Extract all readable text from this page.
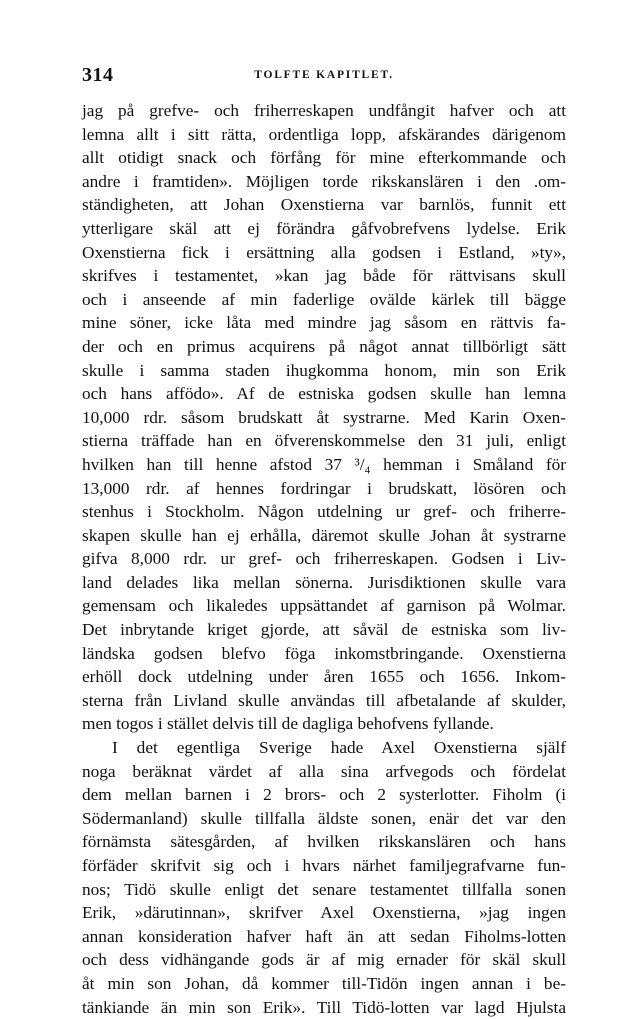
314	TOLFTE KAPITLET.
jag på grefve- och friherreskapen undfångit hafver och att
lemna allt i sitt rätta, ordentliga lopp, afskärandes därigenom
allt otidigt snack och förfång för mine efterkommande och
andre i framtiden». Möjligen torde rikskanslären i den .om-
ständigheten, att Johan Oxenstierna var barnlös, funnit ett
ytterligare skäl att ej förändra gåfvobrefvens lydelse. Erik
Oxenstierna fick i ersättning alla godsen i Estland, »ty»,
skrifves i testamentet, »kan jag både för rättvisans skull
och i anseende af min faderlige ovälde kärlek till bägge
mine söner, icke låta med mindre jag såsom en rättvis fa-
der och en primus acquirens på något annat tillbörligt sätt
skulle i samma staden ihugkomma honom, min son Erik
och hans affödo». Af de estniska godsen skulle han lemna
10,000 rdr. såsom brudskatt åt systrarne. Med Karin Oxen-
stierna träffade han en öfverenskommelse den 31 juli, enligt
hvilken han till henne afstod 37 ³/₄ hemman i Småland för
13,000 rdr. af hennes fordringar i brudskatt, lösören och
stenhus i Stockholm. Någon utdelning ur gref- och friherre-
skapen skulle han ej erhålla, däremot skulle Johan åt systrarne
gifva 8,000 rdr. ur gref- och friherreskapen. Godsen i Liv-
land delades lika mellan sönerna. Jurisdiktionen skulle vara
gemensam och likaledes uppsättandet af garnison på Wolmar.
Det inbrytande kriget gjorde, att såväl de estniska som liv-
ländska godsen blefvo föga inkomstbringande. Oxenstierna
erhöll dock utdelning under åren 1655 och 1656. Inkom-
sterna från Livland skulle användas till afbetalande af skulder,
men togos i stället delvis till de dagliga behofvens fyllande.
I det egentliga Sverige hade Axel Oxenstierna själf
noga beräknat värdet af alla sina arfvegods och fördelat
dem mellan barnen i 2 brors- och 2 systerlotter. Fiholm (i
Södermanland) skulle tillfalla äldste sonen, enär det var den
förnämsta sätesgården, af hvilken rikskanslären och hans
förfäder skrifvit sig och i hvars närhet familjegrafvarne fun-
nos; Tidö skulle enligt det senare testamentet tillfalla sonen
Erik, »därutinnan», skrifver Axel Oxenstierna, »jag ingen
annan konsideration hafver haft än att sedan Fiholms-lotten
och dess vidhängande gods är af mig ernader för skäl skull
åt min son Johan, då kommer till-Tidön ingen annan i be-
tänkiande än min son Erik». Till Tidö-lotten var lagd Hjulsta
